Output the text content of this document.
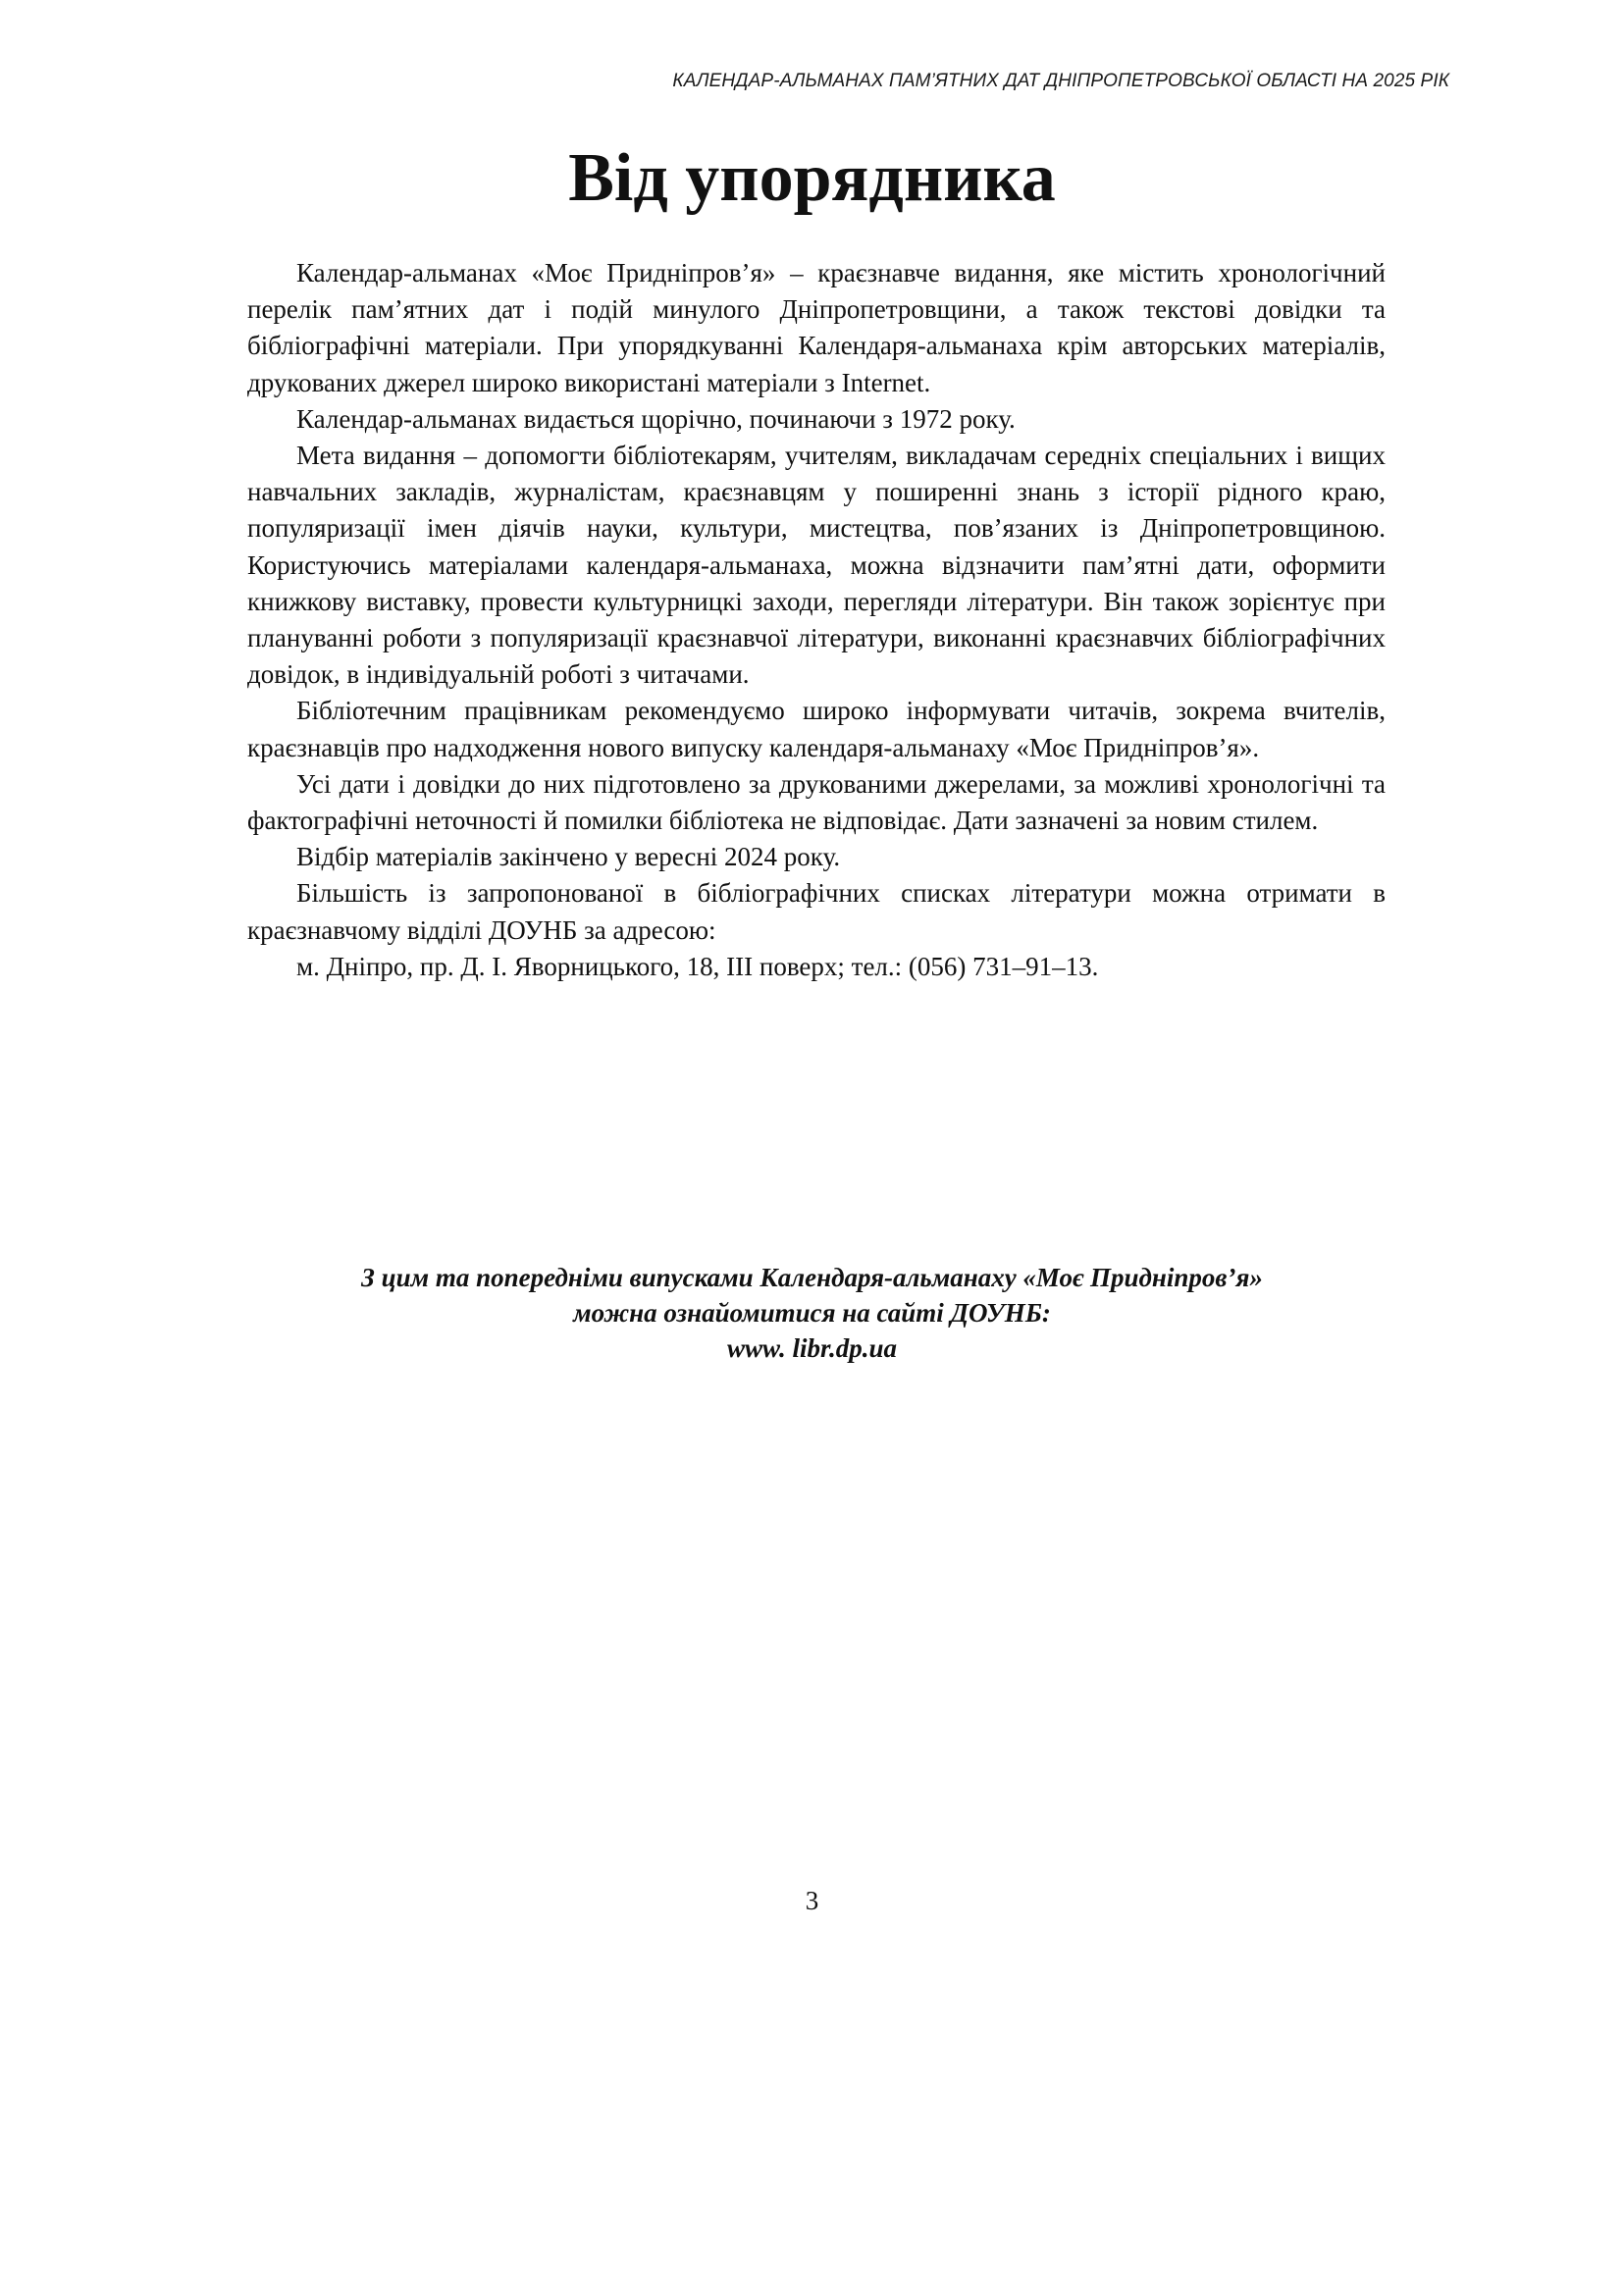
КАЛЕНДАР-АЛЬМАНАХ ПАМ’ЯТНИХ ДАТ ДНІПРОПЕТРОВСЬКОЇ ОБЛАСТІ НА 2025 РІК
Від упорядника

Календар-альманах «Моє Придніпров’я» – краєзнавче видання, яке містить хронологічний перелік пам’ятних дат і подій минулого Дніпропетровщини, а також текстові довідки та бібліографічні матеріали. При упорядкуванні Календаря-альманаха крім авторських матеріалів, друкованих джерел широко використані матеріали з Internet.

Календар-альманах видається щорічно, починаючи з 1972 року.

Мета видання – допомогти бібліотекарям, учителям, викладачам середніх спеціальних і вищих навчальних закладів, журналістам, краєзнавцям у поширенні знань з історії рідного краю, популяризації імен діячів науки, культури, мистецтва, пов’язаних із Дніпропетровщиною. Користуючись матеріалами календаря-альманаха, можна відзначити пам’ятні дати, оформити книжкову виставку, провести культурницкі заходи, перегляди літератури. Він також зорієнтує при плануванні роботи з популяризації краєзнавчої літератури, виконанні краєзнавчих бібліографічних довідок, в індивідуальній роботі з читачами.

Бібліотечним працівникам рекомендуємо широко інформувати читачів, зокрема вчителів, краєзнавців про надходження нового випуску календаря-альманаху «Моє Придніпров’я».

Усі дати і довідки до них підготовлено за друкованими джерелами, за можливі хронологічні та фактографічні неточності й помилки бібліотека не відповідає. Дати зазначені за новим стилем.

Відбір матеріалів закінчено у вересні 2024 року.

Більшість із запропонованої в бібліографічних списках літератури можна отримати в краєзнавчому відділі ДОУНБ за адресою:

м. Дніпро, пр. Д. І. Яворницького, 18, ІІІ поверх; тел.: (056) 731–91–13.

З цим та попередніми випусками Календаря-альманаху «Моє Придніпров’я»
можна ознайомитися на сайті ДОУНБ:
www. libr.dp.ua
3
